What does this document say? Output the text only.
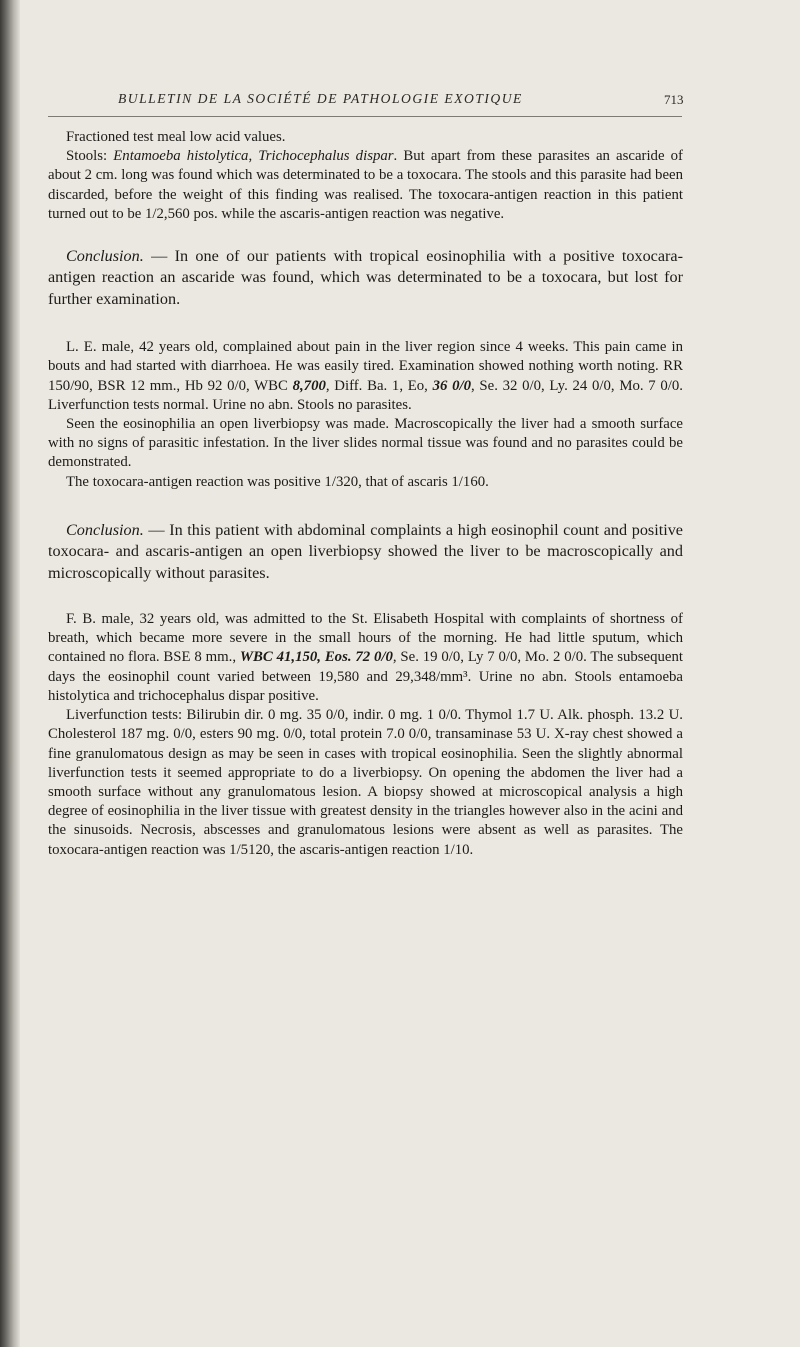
BULLETIN DE LA SOCIÉTÉ DE PATHOLOGIE EXOTIQUE	713

Fractioned test meal low acid values.

Stools: Entamoeba histolytica, Trichocephalus dispar. But apart from these parasites an ascaride of about 2 cm. long was found which was determinated to be a toxocara. The stools and this parasite had been discarded, before the weight of this finding was realised. The toxocara-antigen reaction in this patient turned out to be 1/2,560 pos. while the ascaris-antigen reaction was negative.

Conclusion. — In one of our patients with tropical eosinophilia with a positive toxocara-antigen reaction an ascaride was found, which was determinated to be a toxocara, but lost for further examination.

L. E. male, 42 years old, complained about pain in the liver region since 4 weeks. This pain came in bouts and had started with diarrhoea. He was easily tired. Examination showed nothing worth noting. RR 150/90, BSR 12 mm., Hb 92 0/0, WBC 8,700, Diff. Ba. 1, Eo, 36 0/0, Se. 32 0/0, Ly. 24 0/0, Mo. 7 0/0. Liverfunction tests normal. Urine no abn. Stools no parasites.

Seen the eosinophilia an open liverbiopsy was made. Macroscopically the liver had a smooth surface with no signs of parasitic infestation. In the liver slides normal tissue was found and no parasites could be demonstrated.

The toxocara-antigen reaction was positive 1/320, that of ascaris 1/160.

Conclusion. — In this patient with abdominal complaints a high eosinophil count and positive toxocara- and ascaris-antigen an open liverbiopsy showed the liver to be macroscopically and microscopically without parasites.

F. B. male, 32 years old, was admitted to the St. Elisabeth Hospital with complaints of shortness of breath, which became more severe in the small hours of the morning. He had little sputum, which contained no flora. BSE 8 mm., WBC 41,150, Eos. 72 0/0, Se. 19 0/0, Ly 7 0/0, Mo. 2 0/0. The subsequent days the eosinophil count varied between 19,580 and 29,348/mm³. Urine no abn. Stools entamoeba histolytica and trichocephalus dispar positive.

Liverfunction tests: Bilirubin dir. 0 mg. 35 0/0, indir. 0 mg. 1 0/0. Thymol 1.7 U. Alk. phosph. 13.2 U. Cholesterol 187 mg. 0/0, esters 90 mg. 0/0, total protein 7.0 0/0, transaminase 53 U. X-ray chest showed a fine granulomatous design as may be seen in cases with tropical eosinophilia. Seen the slightly abnormal liverfunction tests it seemed appropriate to do a liverbiopsy. On opening the abdomen the liver had a smooth surface without any granulomatous lesion. A biopsy showed at microscopical analysis a high degree of eosinophilia in the liver tissue with greatest density in the triangles however also in the acini and the sinusoids. Necrosis, abscesses and granulomatous lesions were absent as well as parasites. The toxocara-antigen reaction was 1/5120, the ascaris-antigen reaction 1/10.
